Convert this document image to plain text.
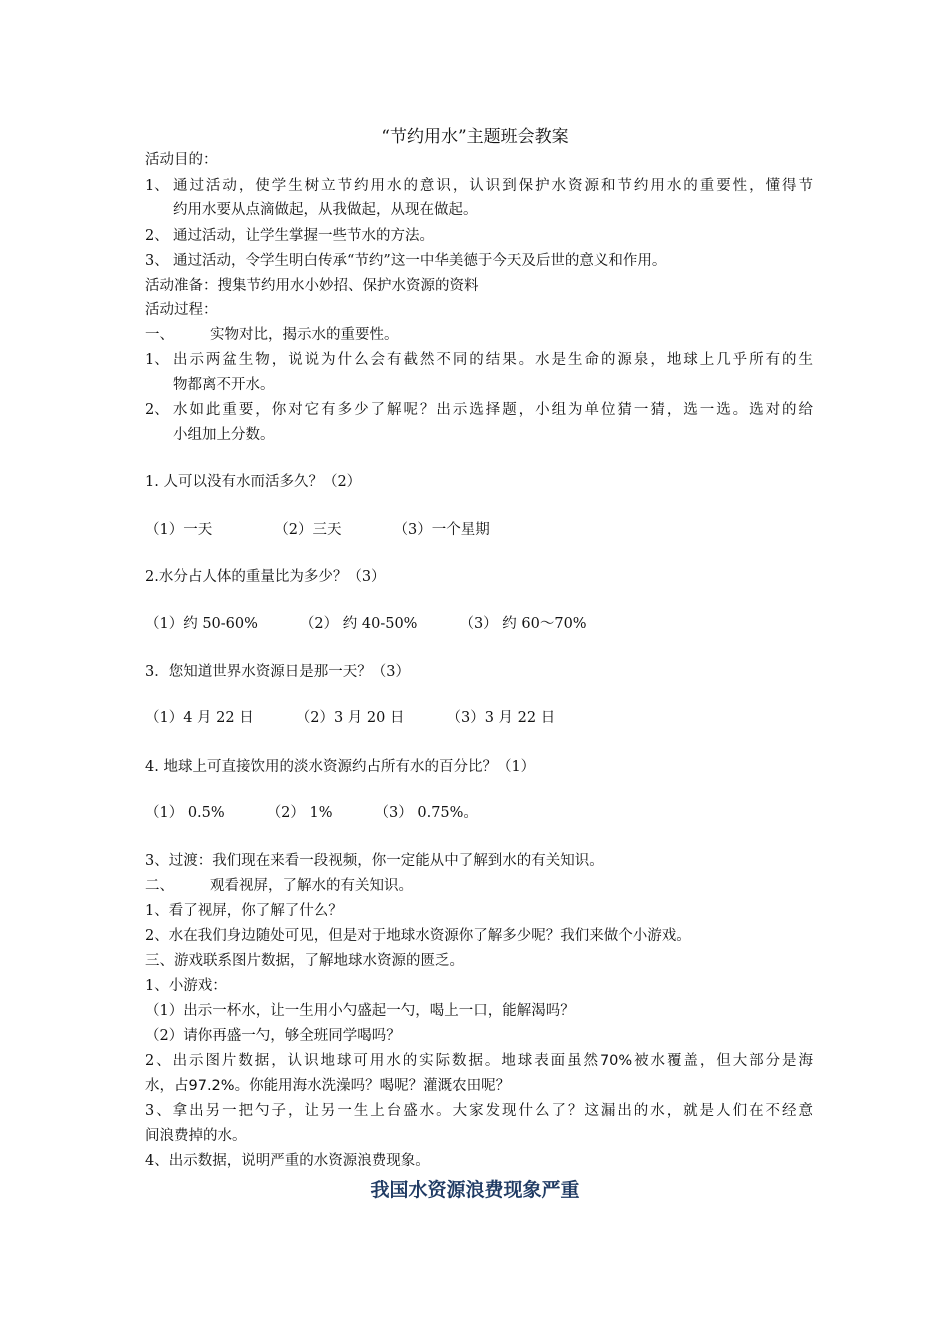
“节约用水”主题班会教案
活动目的：
1、 通过活动，使学生树立节约用水的意识，认识到保护水资源和节约用水的重要性，懂得节
约用水要从点滴做起，从我做起，从现在做起。
2、 通过活动，让学生掌握一些节水的方法。
3、 通过活动，令学生明白传承“节约”这一中华美德于今天及后世的意义和作用。
活动准备：搜集节约用水小妙招、保护水资源的资料
活动过程：
一、 实物对比，揭示水的重要性。
1、 出示两盆生物，说说为什么会有截然不同的结果。水是生命的源泉，地球上几乎所有的生
物都离不开水。
2、 水如此重要，你对它有多少了解呢？出示选择题，小组为单位猜一猜，选一选。选对的给
小组加上分数。
1. 人可以没有水而活多久？（2）
（1）一天	（2）三天	（3）一个星期
2.水分占人体的重量比为多少？（3）
（1）约 50-60%	（2） 约 40-50%	（3） 约 60～70%
3．您知道世界水资源日是那一天？（3）
（1）4 月 22 日	（2）3 月 20 日	（3）3 月 22 日
4. 地球上可直接饮用的淡水资源约占所有水的百分比？（1）
（1） 0.5%	（2） 1%	（3） 0.75%。
3、过渡：我们现在来看一段视频，你一定能从中了解到水的有关知识。
二、 观看视屏，了解水的有关知识。
1、看了视屏，你了解了什么？
2、水在我们身边随处可见，但是对于地球水资源你了解多少呢？我们来做个小游戏。
三、游戏联系图片数据，了解地球水资源的匮乏。
1、小游戏：
（1）出示一杯水，让一生用小勺盛起一勺，喝上一口，能解渴吗？
（2）请你再盛一勺，够全班同学喝吗？
2、出示图片数据，认识地球可用水的实际数据。地球表面虽然70%被水覆盖，但大部分是海
水，占97.2%。你能用海水洗澡吗？喝呢？灌溉农田呢？
3、拿出另一把勺子，让另一生上台盛水。大家发现什么了？这漏出的水，就是人们在不经意
间浪费掉的水。
4、出示数据，说明严重的水资源浪费现象。
我国水资源浪费现象严重
